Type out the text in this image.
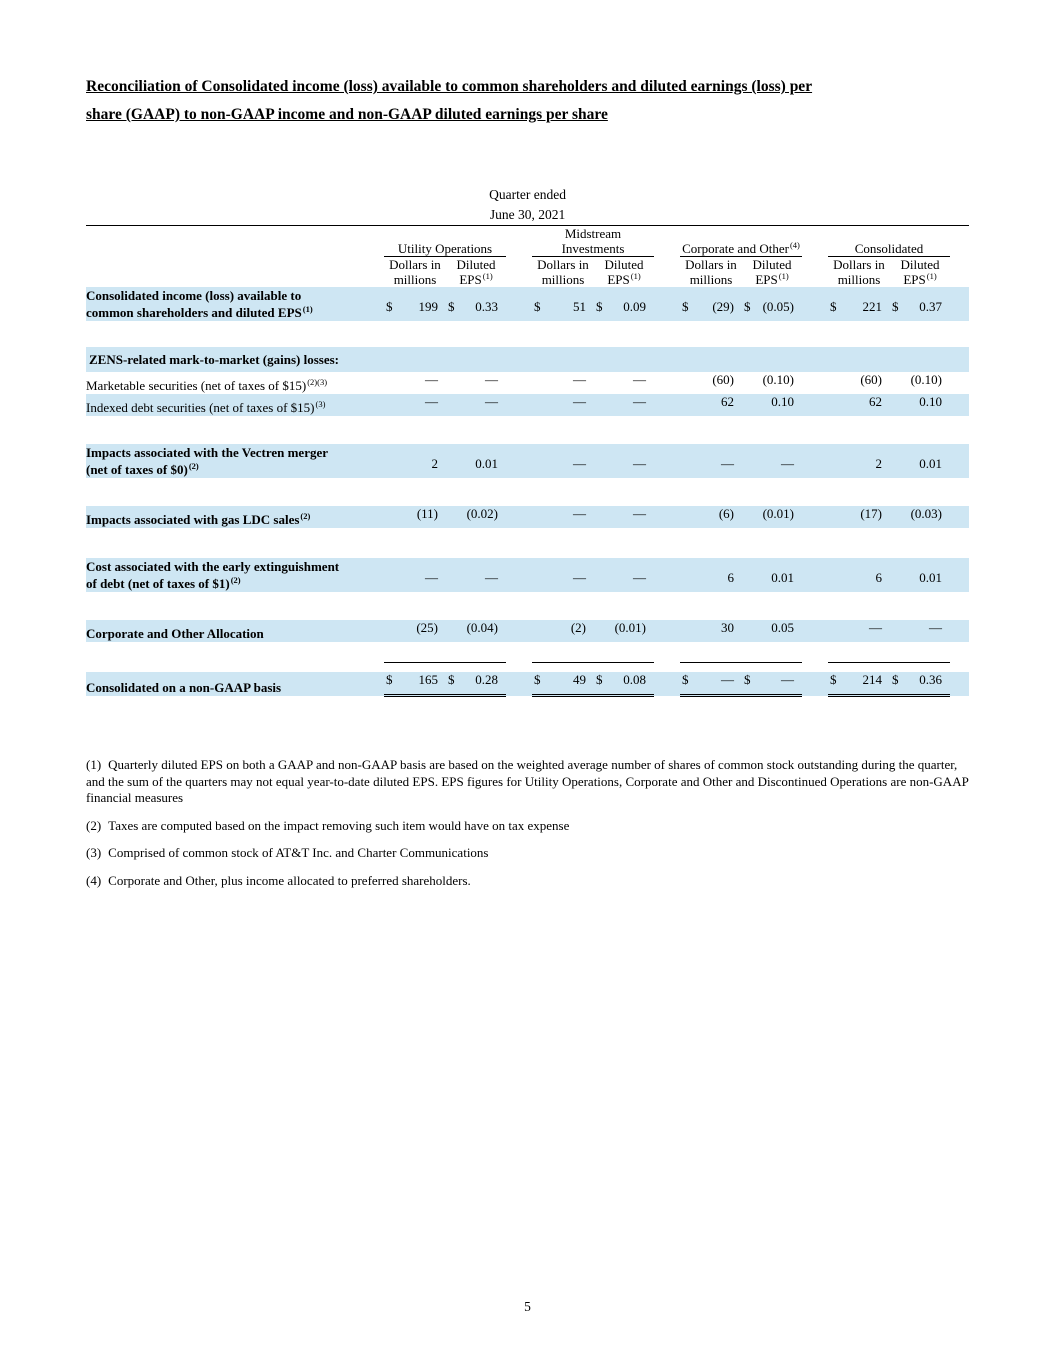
Reconciliation of Consolidated income (loss) available to common shareholders and diluted earnings (loss) per
share (GAAP) to non-GAAP income and non-GAAP diluted earnings per share
Quarter ended
June 30, 2021													

		Utility Operations			Midstream Investments			Corporate and Other$^{(4)}$			Consolidated		
		Dollars in millions	Diluted EPS$^{(1)}$		Dollars in millions	Diluted EPS$^{(1)}$		Dollars in millions	Diluted EPS$^{(1)}$		Dollars in millions	Diluted EPS$^{(1)}$	

Consolidated income (loss) available to
common shareholders and diluted EPS$^{(1)}$		$ 199	$ 0.33		$	51	$ 0.09		$ (29)	$ (0.05)		$ 221	$ 0.37

ZENS-related mark-to-market (gains) losses:													

Marketable securities (net of taxes of $15)$^{(2)(3)}$		—	—		—	—		(60)	(0.10)		(60)	(0.10)	

Indexed debt securities (net of taxes of $15)$^{(3)}$		—	—		—	—		62	0.10		62	0.10	

Impacts associated with the Vectren merger
(net of taxes of $0)$^{(2)}$		2	0.01		—	—		—	—		2	0.01	

Impacts associated with gas LDC sales$^{(2)}$		(11)	(0.02)		—	—		(6)	(0.01)		(17)	(0.03)	

Cost associated with the early extinguishment
of debt (net of taxes of $1)$^{(2)}$		—	—		—	—		6	0.01		6	0.01	

Corporate and Other Allocation		(25)	(0.04)		(2)	(0.01)		30	0.05		—	—	

Consolidated on a non-GAAP basis		$ 165	$ 0.28		$ 49	$ 0.08		$ —	$ —		$ 214	$ 0.36	

(1) Quarterly diluted EPS on both a GAAP and non-GAAP basis are based on the weighted average number of shares of common stock outstanding during the quarter, and the sum of the quarters may not equal year-to-date diluted EPS. EPS figures for Utility Operations, Corporate and Other and Discontinued Operations are non-GAAP financial measures

(2) Taxes are computed based on the impact removing such item would have on tax expense

(3) Comprised of common stock of AT&T Inc. and Charter Communications

(4) Corporate and Other, plus income allocated to preferred shareholders.

5
